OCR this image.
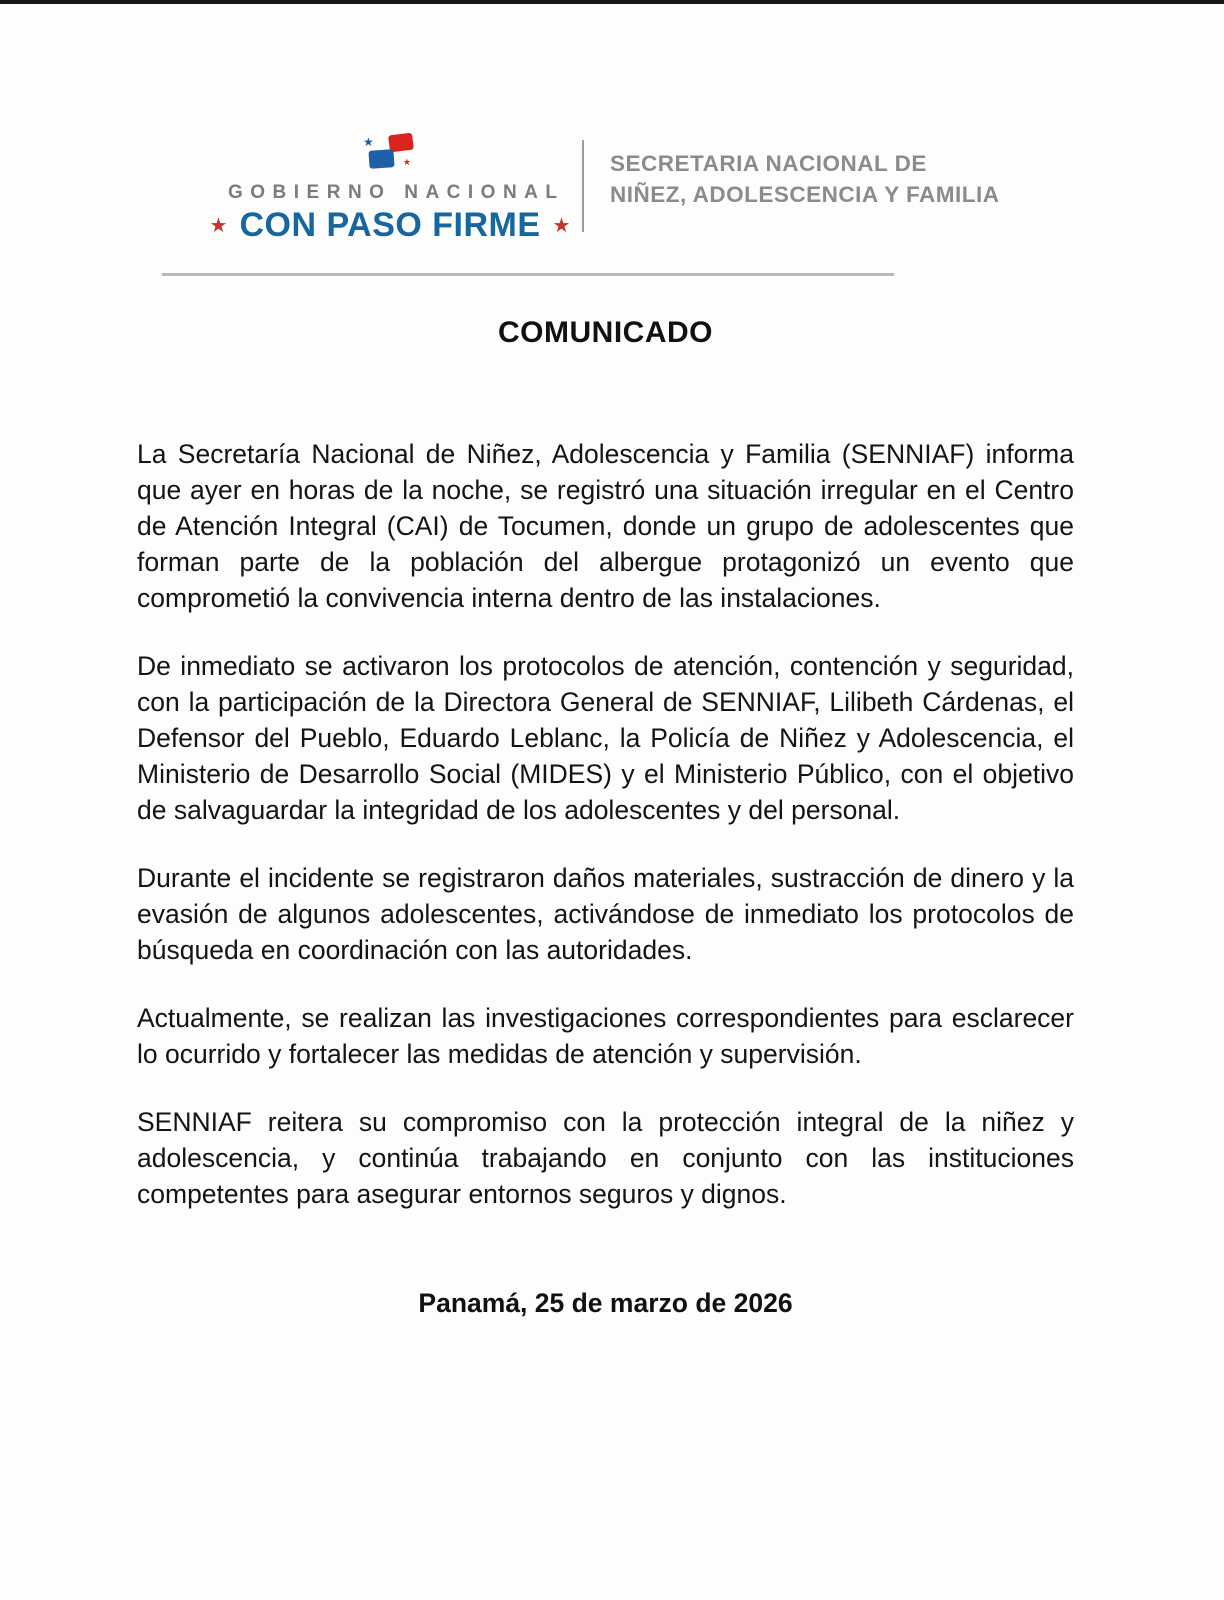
★
★
GOBIERNO NACIONAL
★ CON PASO FIRME ★
SECRETARIA NACIONAL DE
NIÑEZ, ADOLESCENCIA Y FAMILIA
COMUNICADO

La Secretaría Nacional de Niñez, Adolescencia y Familia (SENNIAF) informa que ayer en horas de la noche, se registró una situación irregular en el Centro de Atención Integral (CAI) de Tocumen, donde un grupo de adolescentes que forman parte de la población del albergue protagonizó un evento que comprometió la convivencia interna dentro de las instalaciones.

De inmediato se activaron los protocolos de atención, contención y seguridad, con la participación de la Directora General de SENNIAF, Lilibeth Cárdenas, el Defensor del Pueblo, Eduardo Leblanc, la Policía de Niñez y Adolescencia, el Ministerio de Desarrollo Social (MIDES) y el Ministerio Público, con el objetivo de salvaguardar la integridad de los adolescentes y del personal.

Durante el incidente se registraron daños materiales, sustracción de dinero y la evasión de algunos adolescentes, activándose de inmediato los protocolos de búsqueda en coordinación con las autoridades.

Actualmente, se realizan las investigaciones correspondientes para esclarecer lo ocurrido y fortalecer las medidas de atención y supervisión.

SENNIAF reitera su compromiso con la protección integral de la niñez y adolescencia, y continúa trabajando en conjunto con las instituciones competentes para asegurar entornos seguros y dignos.

Panamá, 25 de marzo de 2026
